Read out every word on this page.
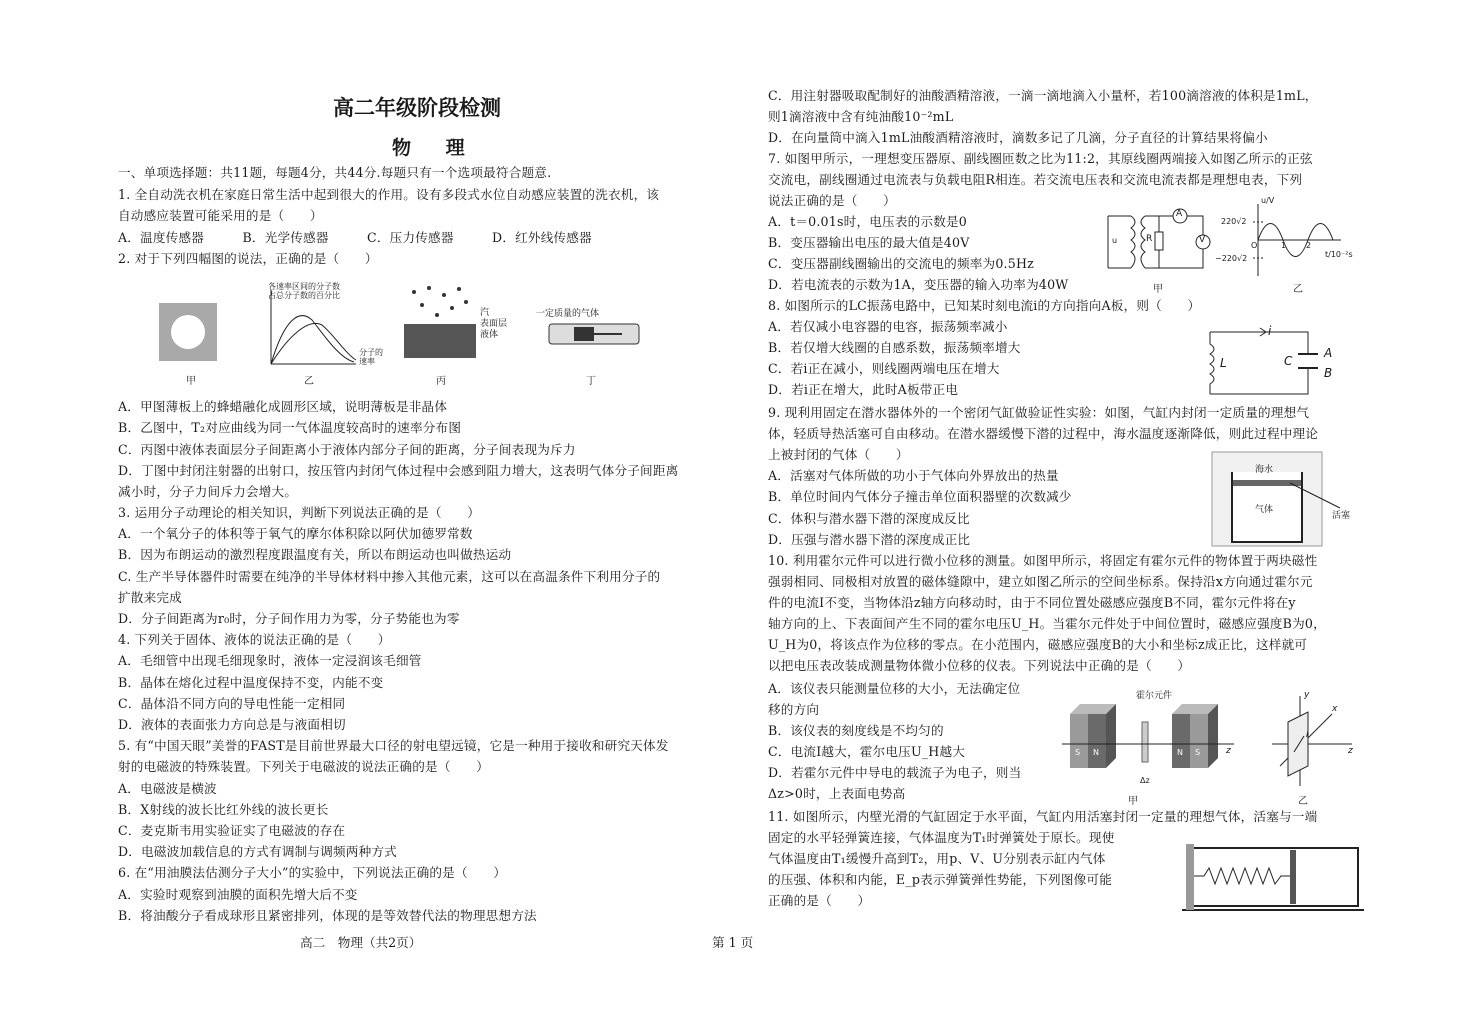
高二年级阶段检测
物 理
一、单项选择题：共11题，每题4分，共44分.每题只有一个选项最符合题意.
1. 全自动洗衣机在家庭日常生活中起到很大的作用。设有多段式水位自动感应装置的洗衣机，该
自动感应装置可能采用的是（　　）
A．温度传感器　　　B．光学传感器　　　C．压力传感器　　　D．红外线传感器
2. 对于下列四幅图的说法，正确的是（　　）
各速率区间的分子数
占总分子数的百分比
分子的
速率
汽
表面层
液体
一定质量的气体
甲	乙	丙	丁
A．甲图薄板上的蜂蜡融化成圆形区域，说明薄板是非晶体
B．乙图中，T₂对应曲线为同一气体温度较高时的速率分布图
C．丙图中液体表面层分子间距离小于液体内部分子间的距离，分子间表现为斥力
D．丁图中封闭注射器的出射口，按压管内封闭气体过程中会感到阻力增大，这表明气体分子间距离
减小时，分子力间斥力会增大。
3. 运用分子动理论的相关知识，判断下列说法正确的是（　　）
A．一个氧分子的体积等于氧气的摩尔体积除以阿伏加德罗常数
B．因为布朗运动的激烈程度跟温度有关，所以布朗运动也叫做热运动
C. 生产半导体器件时需要在纯净的半导体材料中掺入其他元素，这可以在高温条件下利用分子的
扩散来完成
D．分子间距离为r₀时，分子间作用力为零，分子势能也为零
4. 下列关于固体、液体的说法正确的是（　　）
A．毛细管中出现毛细现象时，液体一定浸润该毛细管
B．晶体在熔化过程中温度保持不变，内能不变
C．晶体沿不同方向的导电性能一定相同
D．液体的表面张力方向总是与液面相切
5. 有“中国天眼”美誉的FAST是目前世界最大口径的射电望远镜，它是一种用于接收和研究天体发
射的电磁波的特殊装置。下列关于电磁波的说法正确的是（　　）
A．电磁波是横波
B．X射线的波长比红外线的波长更长
C．麦克斯韦用实验证实了电磁波的存在
D．电磁波加载信息的方式有调制与调频两种方式
6. 在“用油膜法估测分子大小”的实验中，下列说法正确的是（　　）
A．实验时观察到油膜的面积先增大后不变
B．将油酸分子看成球形且紧密排列，体现的是等效替代法的物理思想方法
C．用注射器吸取配制好的油酸酒精溶液，一滴一滴地滴入小量杯，若100滴溶液的体积是1mL，
则1滴溶液中含有纯油酸10⁻²mL
D．在向量筒中滴入1mL油酸酒精溶液时，滴数多记了几滴，分子直径的计算结果将偏小
7. 如图甲所示，一理想变压器原、副线圈匝数之比为11:2，其原线圈两端接入如图乙所示的正弦
交流电，副线圈通过电流表与负载电阻R相连。若交流电压表和交流电流表都是理想电表，下列
说法正确的是（　　）
A．t＝0.01s时，电压表的示数是0
B．变压器输出电压的最大值是40V
C．变压器副线圈输出的交流电的频率为0.5Hz
D．若电流表的示数为1A，变压器的输入功率为40W
A
V
R
u
u/V
220√2
−220√2
O	1 2
t/10⁻²s
甲	乙
8. 如图所示的LC振荡电路中，已知某时刻电流i的方向指向A板，则（　　）
A．若仅减小电容器的电容，振荡频率减小
B．若仅增大线圈的自感系数，振荡频率增大
C．若i正在减小，则线圈两端电压在增大
D．若i正在增大，此时A板带正电
L	C
A
B
i
9. 现利用固定在潜水器体外的一个密闭气缸做验证性实验：如图，气缸内封闭一定质量的理想气
体，轻质导热活塞可自由移动。在潜水器缓慢下潜的过程中，海水温度逐渐降低，则此过程中理论
上被封闭的气体（　　）
A．活塞对气体所做的功小于气体向外界放出的热量
B．单位时间内气体分子撞击单位面积器壁的次数减少
C．体积与潜水器下潜的深度成反比
D．压强与潜水器下潜的深度成正比
海水
气体
活塞
10. 利用霍尔元件可以进行微小位移的测量。如图甲所示，将固定有霍尔元件的物体置于两块磁性
强弱相同、同极相对放置的磁体缝隙中，建立如图乙所示的空间坐标系。保持沿x方向通过霍尔元
件的电流I不变，当物体沿z轴方向移动时，由于不同位置处磁感应强度B不同，霍尔元件将在y
轴方向的上、下表面间产生不同的霍尔电压U_H。当霍尔元件处于中间位置时，磁感应强度B为0，
U_H为0，将该点作为位移的零点。在小范围内，磁感应强度B的大小和坐标z成正比，这样就可
以把电压表改装成测量物体微小位移的仪表。下列说法中正确的是（　　）
A．该仪表只能测量位移的大小，无法确定位
移的方向
B．该仪表的刻度线是不均匀的
C．电流I越大，霍尔电压U_H越大
D．若霍尔元件中导电的载流子为电子，则当
Δz>0时，上表面电势高
霍尔元件
S N	N S
Δz
z	z
y
x
I
甲	乙
11. 如图所示，内壁光滑的气缸固定于水平面，气缸内用活塞封闭一定量的理想气体，活塞与一端
固定的水平轻弹簧连接，气体温度为T₁时弹簧处于原长。现使
气体温度由T₁缓慢升高到T₂，用p、V、U分别表示缸内气体
的压强、体积和内能，E_p表示弹簧弹性势能，下列图像可能
正确的是（　　）
高二　物理（共2页）	第 1 页
